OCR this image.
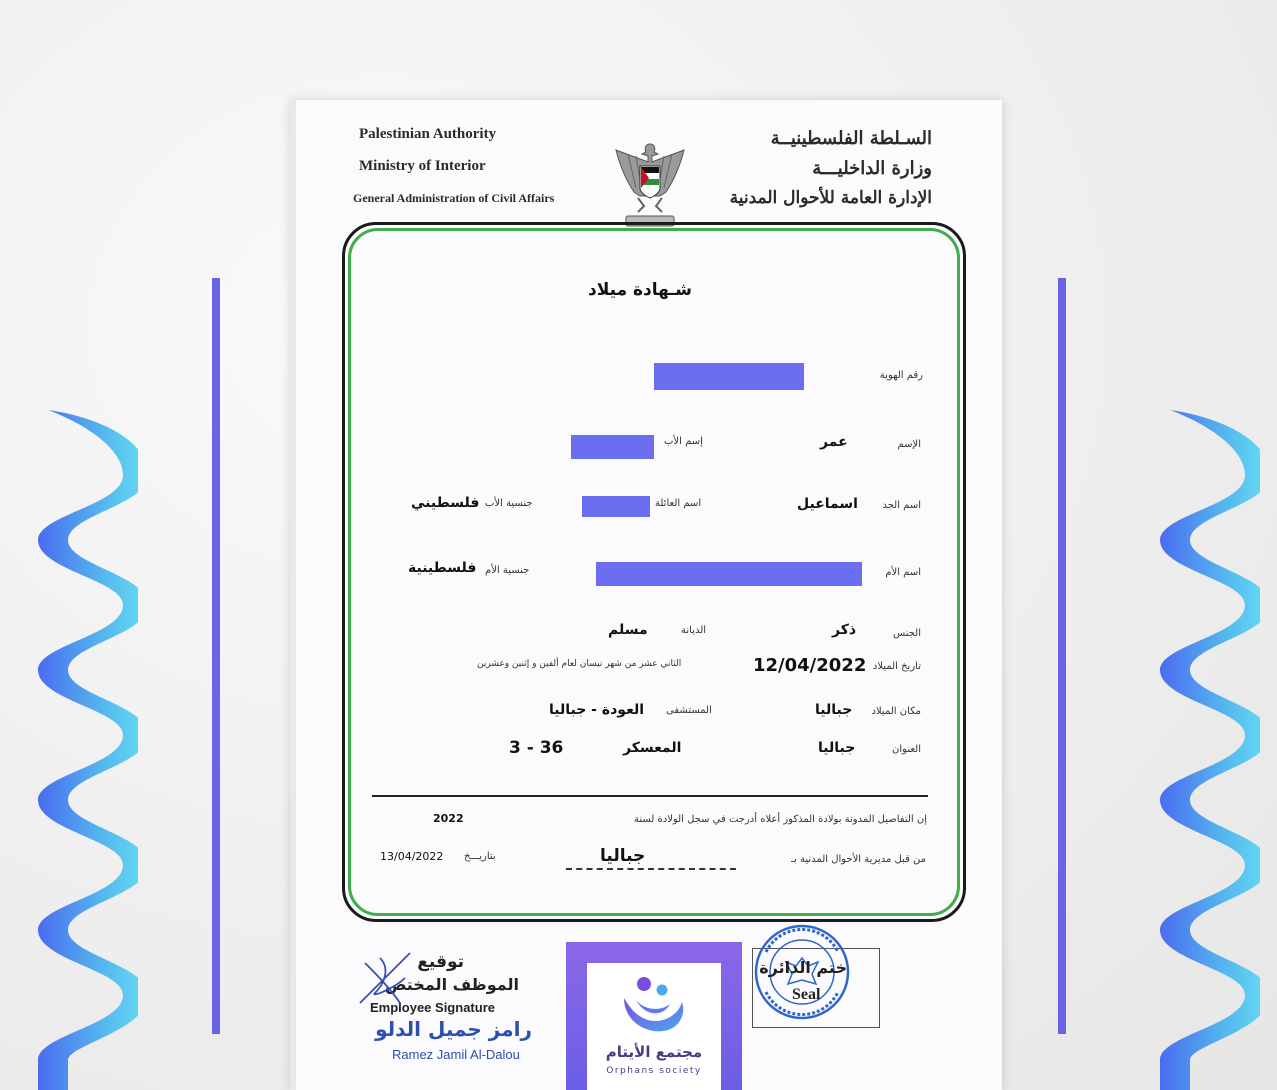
Palestinian Authority
Ministry of Interior
General Administration of Civil Affairs
السـلطة الفلسطينيــة
وزارة الداخليـــة
الإدارة العامة للأحوال المدنية
شـهادة ميلاد
رقم الهوية
الإسم
عمر
إسم الأب
اسم الجد
اسماعيل
اسم العائلة
جنسية الأب
فلسطيني
اسم الأم
جنسية الأم
فلسطينية
الجنس
ذكر
الديانة
مسلم
تاريخ الميلاد
12/04/2022
الثاني عشر من شهر نيسان لعام ألفين و إثنين وعشرين
مكان الميلاد
جباليا
المستشفى
العودة - جباليا
العنوان
جباليا
المعسكر
3 - 36
إن التفاصيل المدونة بولادة المذكور أعلاه أدرجت في سجل الولادة لسنة
2022
من قبل مديرية الأحوال المدنية بـ
جباليا
بتاريـــخ
13/04/2022
توقيع
الموظف المختص
Employee Signature
رامز جميل الدلو
Ramez Jamil Al-Dalou
ختم الدائرة
Seal
مجتمع الأيتام
Orphans society
